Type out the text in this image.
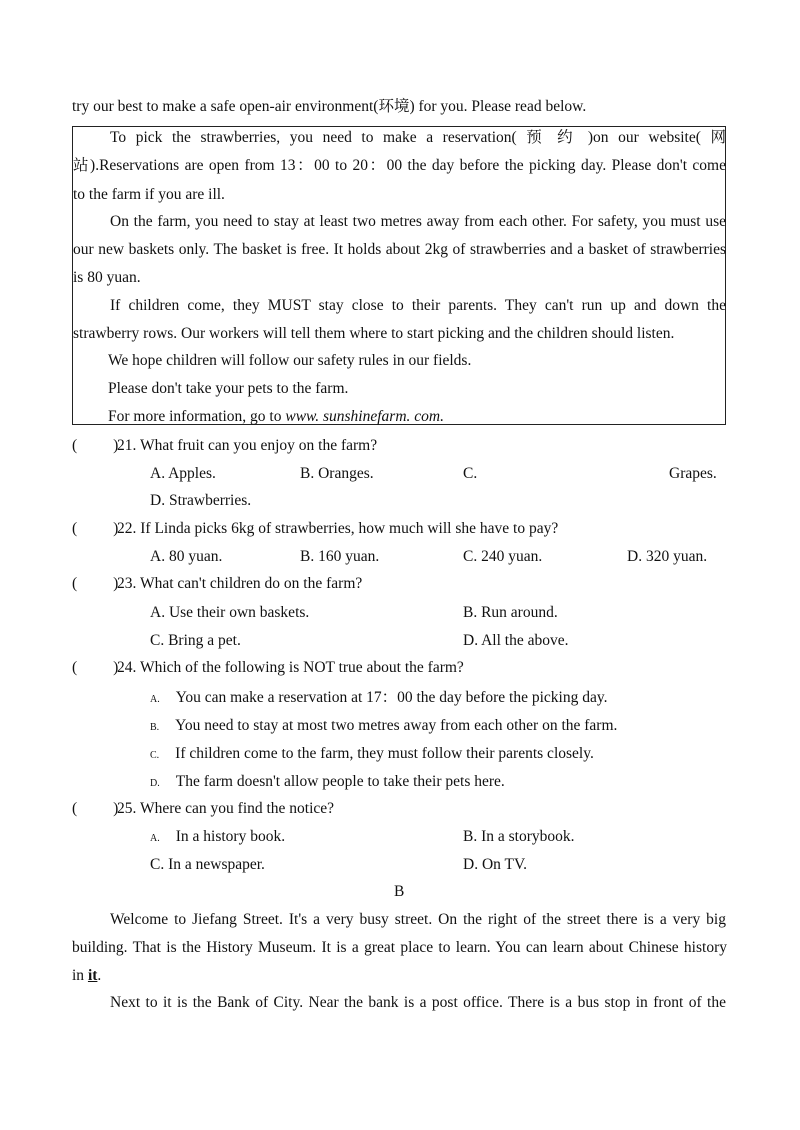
try our best to make a safe open-air environment(环境) for you. Please read below.
To pick the strawberries, you need to make a reservation( 预 约 )on our website( 网
站).Reservations are open from 13：00 to 20：00 the day before the picking day. Please don't come
to the farm if you are ill.
On the farm, you need to stay at least two metres away from each other. For safety, you must use
our new baskets only. The basket is free. It holds about 2kg of strawberries and a basket of strawberries
is 80 yuan.
If children come, they MUST stay close to their parents. They can't run up and down the
strawberry rows. Our workers will tell them where to start picking and the children should listen.
We hope children will follow our safety rules in our fields.
Please don't take your pets to the farm.
For more information, go to www. sunshinefarm. com.
( )
21. What fruit can you enjoy on the farm?
A. Apples.	B. Oranges.	C.	Grapes.
D. Strawberries.
( )
22. If Linda picks 6kg of strawberries, how much will she have to pay?
A. 80 yuan.	B. 160 yuan.	C. 240 yuan.	D. 320 yuan.
( )
23. What can't children do on the farm?
A. Use their own baskets.	B. Run around.
C. Bring a pet.	D. All the above.
( )
24. Which of the following is NOT true about the farm?
A. You can make a reservation at 17：00 the day before the picking day.
B. You need to stay at most two metres away from each other on the farm.
C. If children come to the farm, they must follow their parents closely.
D. The farm doesn't allow people to take their pets here.
( )
25. Where can you find the notice?
A. In a history book.	B. In a storybook.
C. In a newspaper.	D. On TV.
B
Welcome to Jiefang Street. It's a very busy street. On the right of the street there is a very big
building. That is the History Museum. It is a great place to learn. You can learn about Chinese history
in it.
Next to it is the Bank of City. Near the bank is a post office. There is a bus stop in front of the
